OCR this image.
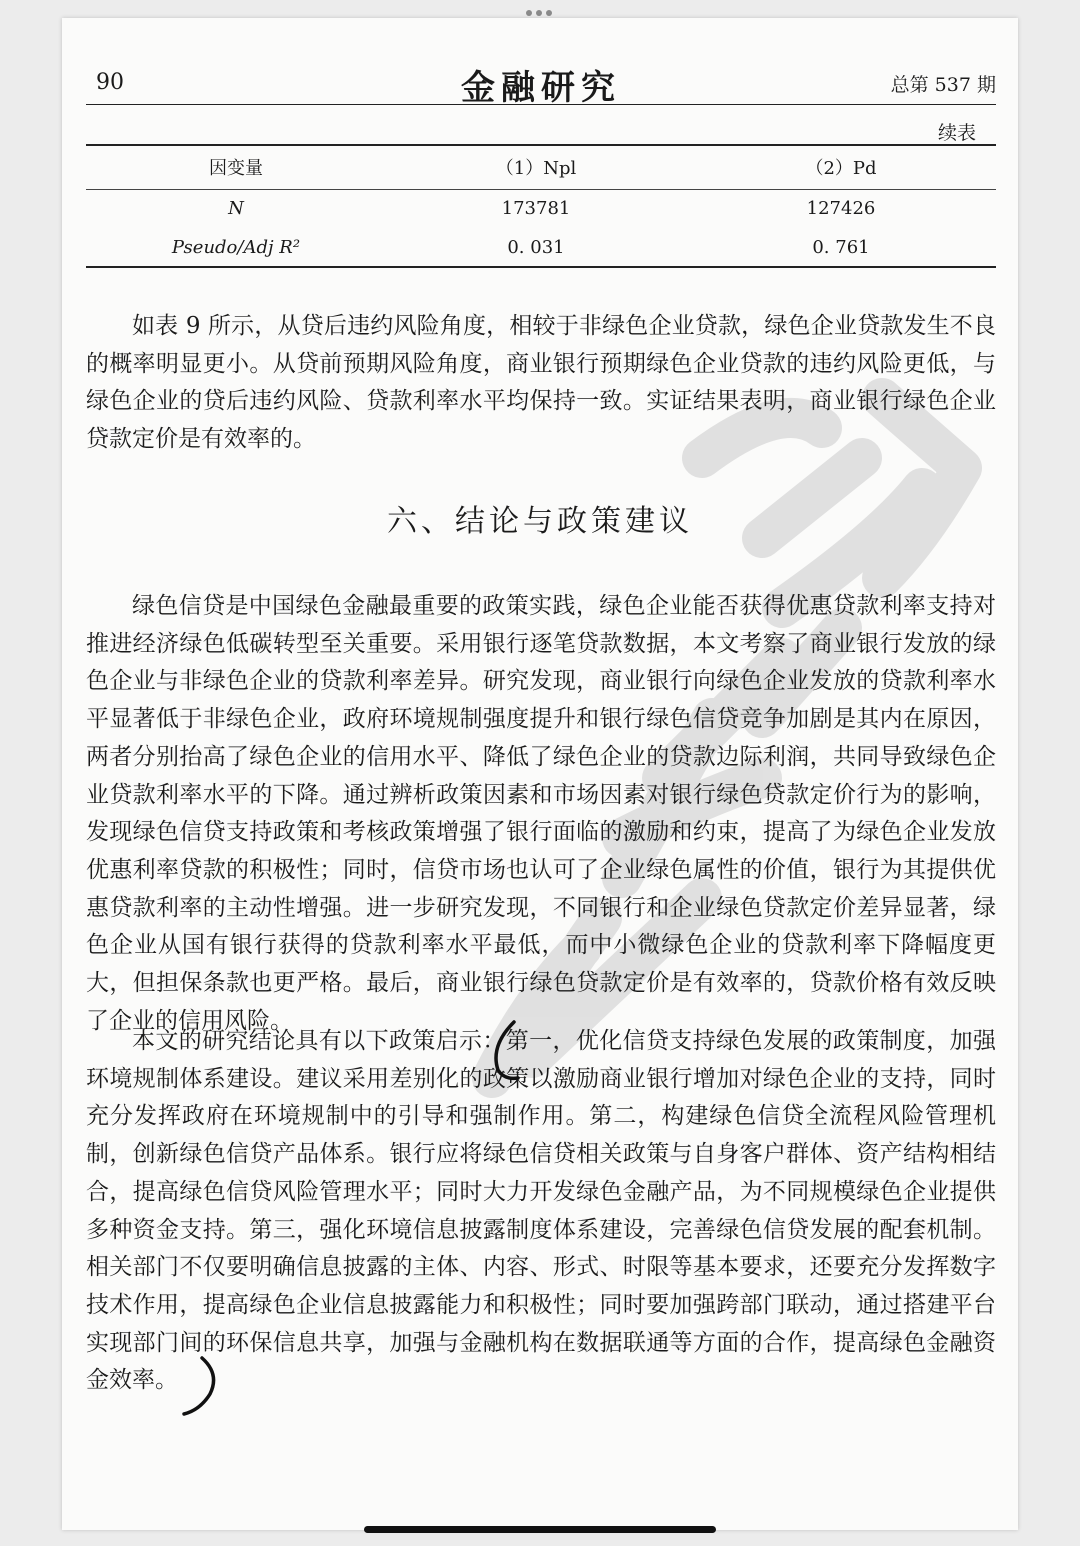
90	金融研究	总第 537 期
续表
因变量	（1）Npl	（2）Pd
N	173781	127426
Pseudo/Adj R²	0. 031	0. 761

如表 9 所示，从贷后违约风险角度，相较于非绿色企业贷款，绿色企业贷款发生不良的概率明显更小。从贷前预期风险角度，商业银行预期绿色企业贷款的违约风险更低，与绿色企业的贷后违约风险、贷款利率水平均保持一致。实证结果表明，商业银行绿色企业贷款定价是有效率的。

六、结论与政策建议

绿色信贷是中国绿色金融最重要的政策实践，绿色企业能否获得优惠贷款利率支持对推进经济绿色低碳转型至关重要。采用银行逐笔贷款数据，本文考察了商业银行发放的绿色企业与非绿色企业的贷款利率差异。研究发现，商业银行向绿色企业发放的贷款利率水平显著低于非绿色企业，政府环境规制强度提升和银行绿色信贷竞争加剧是其内在原因，两者分别抬高了绿色企业的信用水平、降低了绿色企业的贷款边际利润，共同导致绿色企业贷款利率水平的下降。通过辨析政策因素和市场因素对银行绿色贷款定价行为的影响，发现绿色信贷支持政策和考核政策增强了银行面临的激励和约束，提高了为绿色企业发放优惠利率贷款的积极性；同时，信贷市场也认可了企业绿色属性的价值，银行为其提供优惠贷款利率的主动性增强。进一步研究发现，不同银行和企业绿色贷款定价差异显著，绿色企业从国有银行获得的贷款利率水平最低，而中小微绿色企业的贷款利率下降幅度更大，但担保条款也更严格。最后，商业银行绿色贷款定价是有效率的，贷款价格有效反映了企业的信用风险。

本文的研究结论具有以下政策启示：第一，优化信贷支持绿色发展的政策制度，加强环境规制体系建设。建议采用差别化的政策以激励商业银行增加对绿色企业的支持，同时充分发挥政府在环境规制中的引导和强制作用。第二，构建绿色信贷全流程风险管理机制，创新绿色信贷产品体系。银行应将绿色信贷相关政策与自身客户群体、资产结构相结合，提高绿色信贷风险管理水平；同时大力开发绿色金融产品，为不同规模绿色企业提供多种资金支持。第三，强化环境信息披露制度体系建设，完善绿色信贷发展的配套机制。相关部门不仅要明确信息披露的主体、内容、形式、时限等基本要求，还要充分发挥数字技术作用，提高绿色企业信息披露能力和积极性；同时要加强跨部门联动，通过搭建平台实现部门间的环保信息共享，加强与金融机构在数据联通等方面的合作，提高绿色金融资金效率。
